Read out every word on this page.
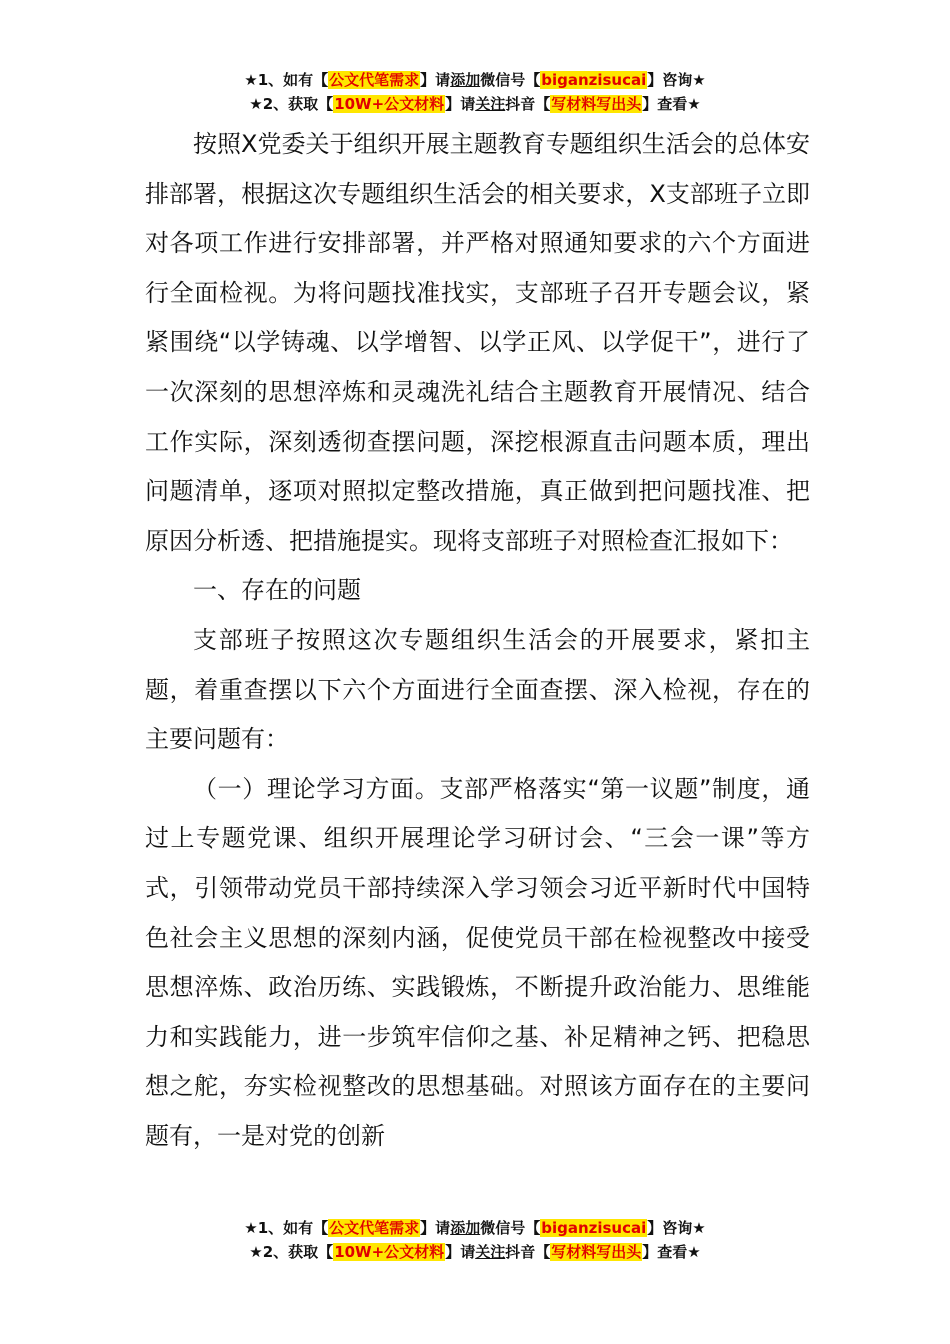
★1、如有【公文代笔需求】请添加微信号【biganzisucai】咨询★
★2、获取【10W+公文材料】请关注抖音【写材料写出头】查看★

按照X党委关于组织开展主题教育专题组织生活会的总体安排部署，根据这次专题组织生活会的相关要求，X支部班子立即对各项工作进行安排部署，并严格对照通知要求的六个方面进行全面检视。为将问题找准找实，支部班子召开专题会议，紧紧围绕“以学铸魂、以学增智、以学正风、以学促干”，进行了一次深刻的思想淬炼和灵魂洗礼结合主题教育开展情况、结合工作实际，深刻透彻查摆问题，深挖根源直击问题本质，理出问题清单，逐项对照拟定整改措施，真正做到把问题找准、把原因分析透、把措施提实。现将支部班子对照检查汇报如下：

一、存在的问题

支部班子按照这次专题组织生活会的开展要求，紧扣主题，着重查摆以下六个方面进行全面查摆、深入检视，存在的主要问题有：

（一）理论学习方面。支部严格落实“第一议题”制度，通过上专题党课、组织开展理论学习研讨会、“三会一课”等方式，引领带动党员干部持续深入学习领会习近平新时代中国特色社会主义思想的深刻内涵，促使党员干部在检视整改中接受思想淬炼、政治历练、实践锻炼，不断提升政治能力、思维能力和实践能力，进一步筑牢信仰之基、补足精神之钙、把稳思想之舵，夯实检视整改的思想基础。对照该方面存在的主要问题有，一是对党的创新

★1、如有【公文代笔需求】请添加微信号【biganzisucai】咨询★
★2、获取【10W+公文材料】请关注抖音【写材料写出头】查看★
